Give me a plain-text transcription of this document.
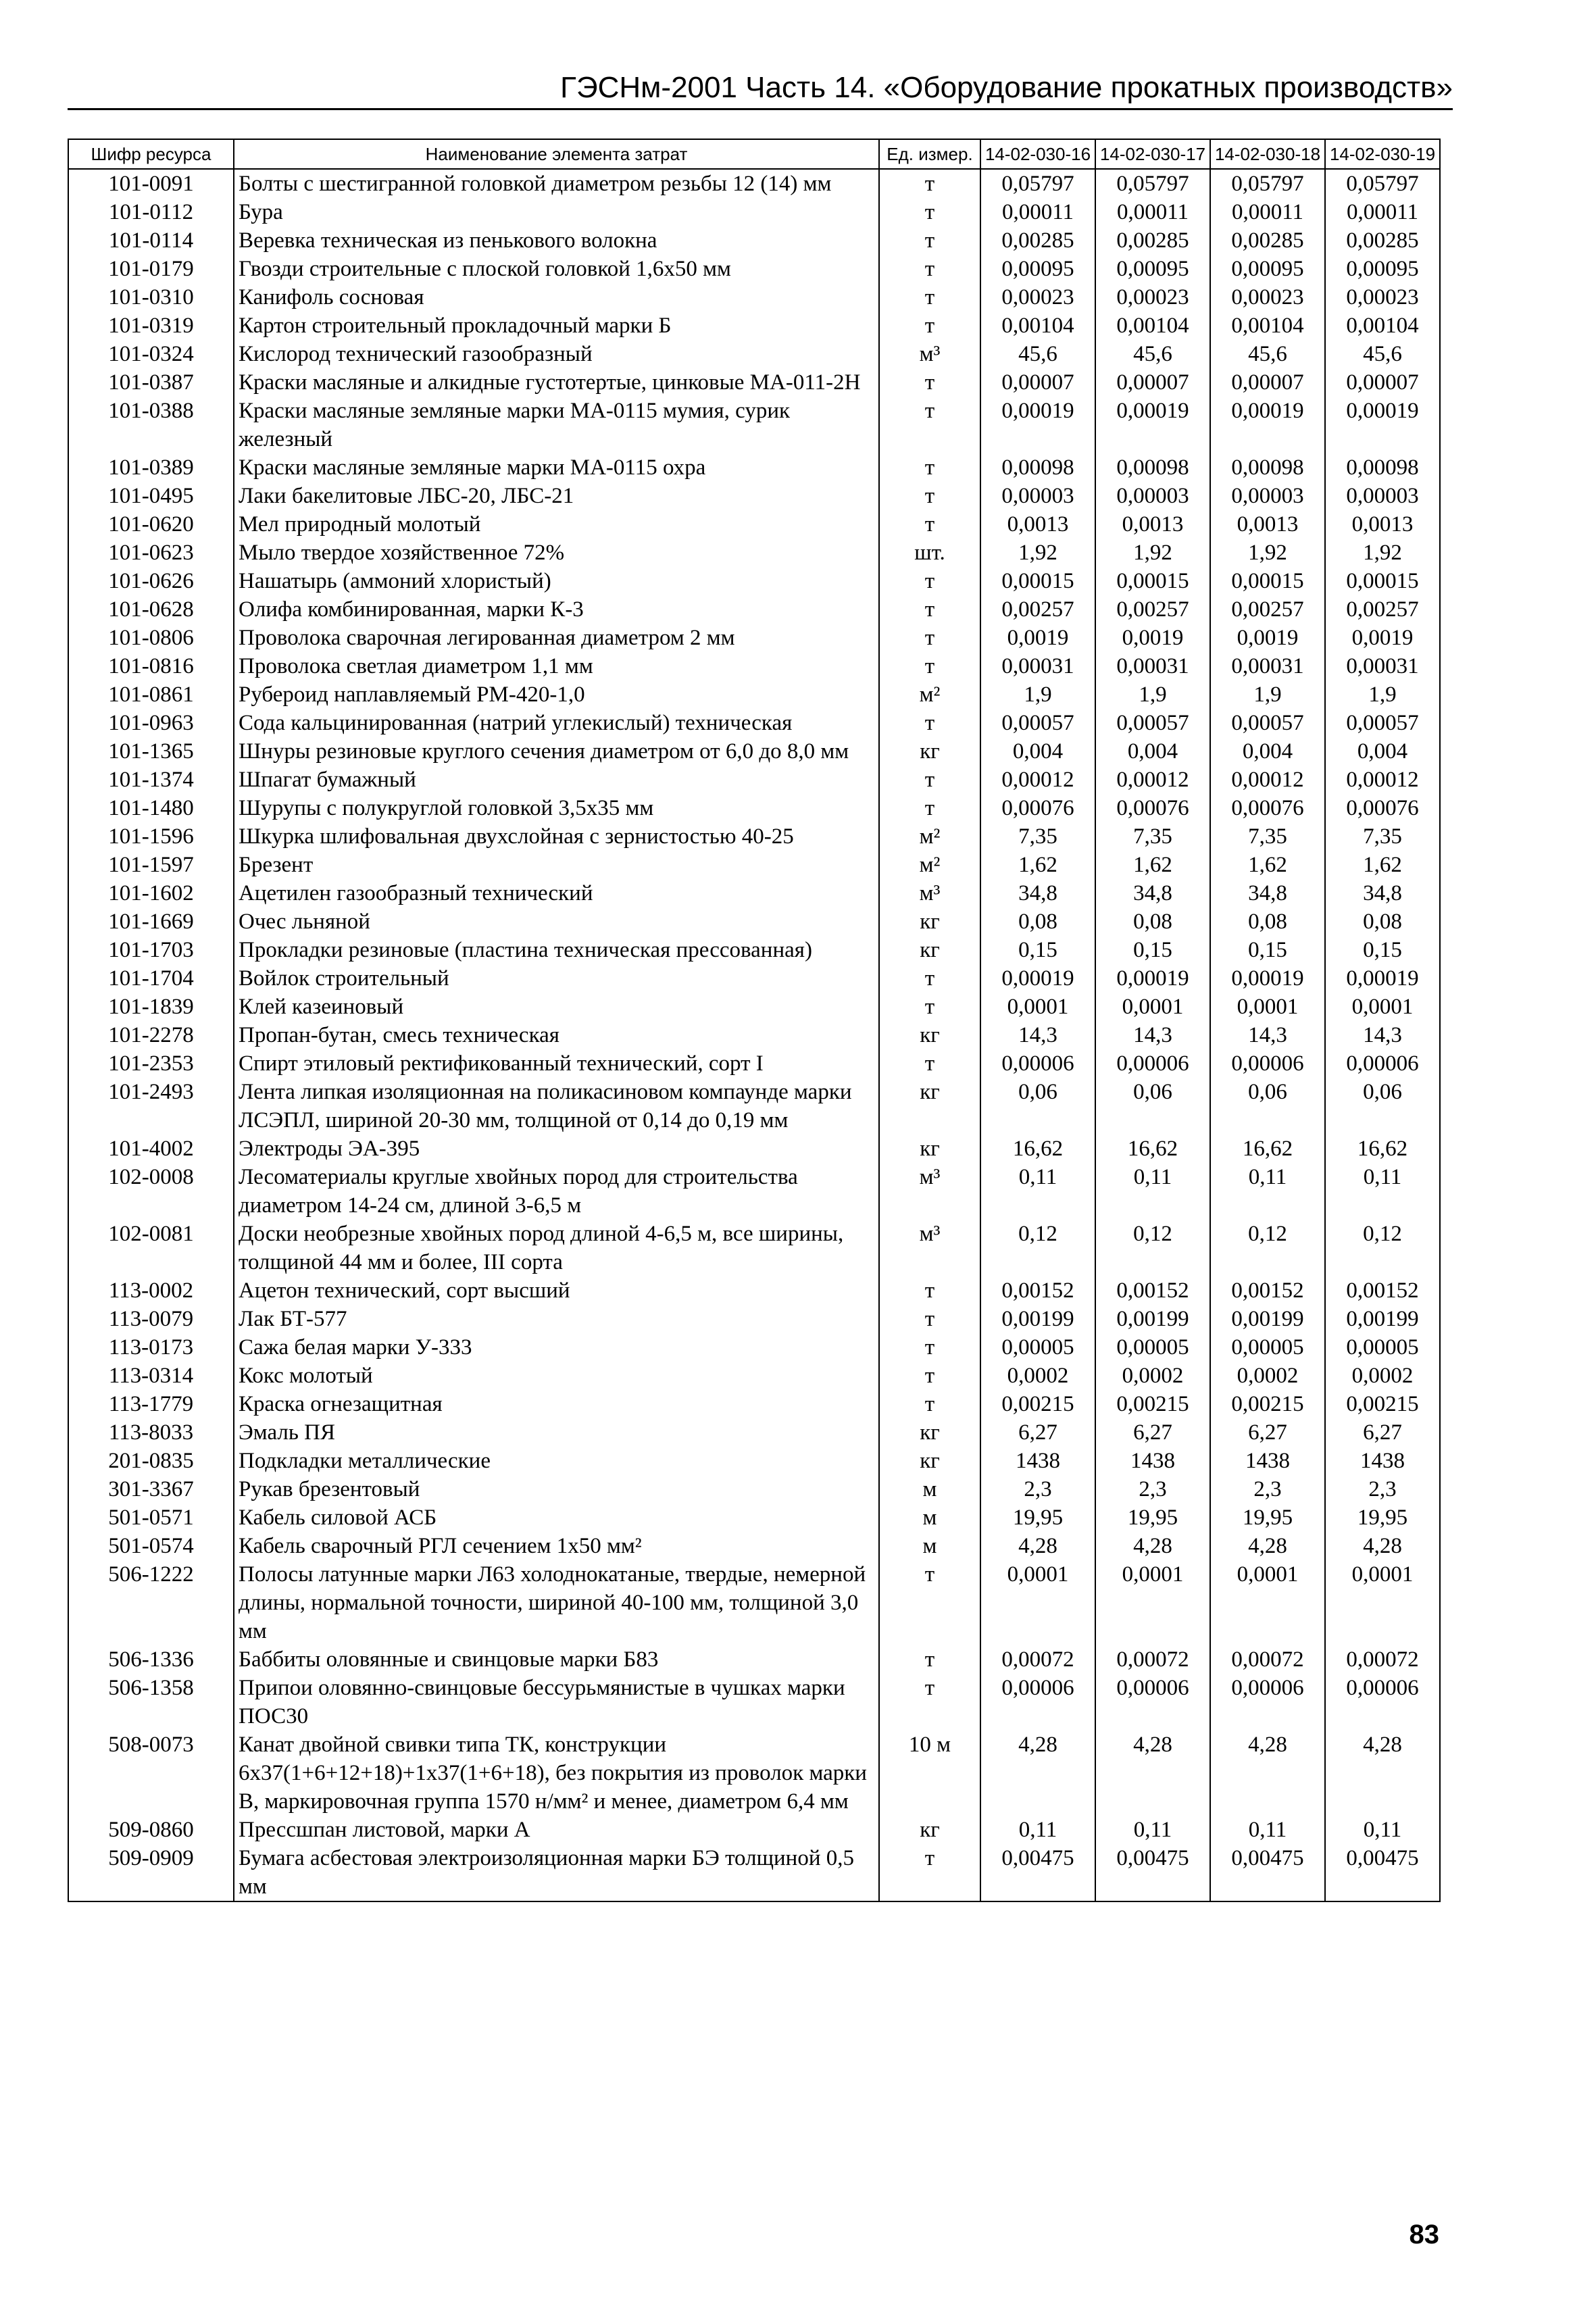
ГЭСНм-2001 Часть 14. «Оборудование прокатных производств»
Шифр ресурса	Наименование элемента затрат	Ед. измер.	14-02-030-16	14-02-030-17	14-02-030-18	14-02-030-19
101-0091	Болты с шестигранной головкой диаметром резьбы 12 (14) мм	т	0,05797	0,05797	0,05797	0,05797
101-0112	Бура	т	0,00011	0,00011	0,00011	0,00011
101-0114	Веревка техническая из пенькового волокна	т	0,00285	0,00285	0,00285	0,00285
101-0179	Гвозди строительные с плоской головкой 1,6x50 мм	т	0,00095	0,00095	0,00095	0,00095
101-0310	Канифоль сосновая	т	0,00023	0,00023	0,00023	0,00023
101-0319	Картон строительный прокладочный марки Б	т	0,00104	0,00104	0,00104	0,00104
101-0324	Кислород технический газообразный	м³	45,6	45,6	45,6	45,6
101-0387	Краски масляные и алкидные густотертые, цинковые МА-011-2Н	т	0,00007	0,00007	0,00007	0,00007
101-0388	Краски масляные земляные марки МА-0115 мумия, сурик железный	т	0,00019	0,00019	0,00019	0,00019
101-0389	Краски масляные земляные марки МА-0115 охра	т	0,00098	0,00098	0,00098	0,00098
101-0495	Лаки бакелитовые ЛБС-20, ЛБС-21	т	0,00003	0,00003	0,00003	0,00003
101-0620	Мел природный молотый	т	0,0013	0,0013	0,0013	0,0013
101-0623	Мыло твердое хозяйственное 72%	шт.	1,92	1,92	1,92	1,92
101-0626	Нашатырь (аммоний хлористый)	т	0,00015	0,00015	0,00015	0,00015
101-0628	Олифа комбинированная, марки К-3	т	0,00257	0,00257	0,00257	0,00257
101-0806	Проволока сварочная легированная диаметром 2 мм	т	0,0019	0,0019	0,0019	0,0019
101-0816	Проволока светлая диаметром 1,1 мм	т	0,00031	0,00031	0,00031	0,00031
101-0861	Рубероид наплавляемый РМ-420-1,0	м²	1,9	1,9	1,9	1,9
101-0963	Сода кальцинированная (натрий углекислый) техническая	т	0,00057	0,00057	0,00057	0,00057
101-1365	Шнуры резиновые круглого сечения диаметром от 6,0 до 8,0 мм	кг	0,004	0,004	0,004	0,004
101-1374	Шпагат бумажный	т	0,00012	0,00012	0,00012	0,00012
101-1480	Шурупы с полукруглой головкой 3,5x35 мм	т	0,00076	0,00076	0,00076	0,00076
101-1596	Шкурка шлифовальная двухслойная с зернистостью 40-25	м²	7,35	7,35	7,35	7,35
101-1597	Брезент	м²	1,62	1,62	1,62	1,62
101-1602	Ацетилен газообразный технический	м³	34,8	34,8	34,8	34,8
101-1669	Очес льняной	кг	0,08	0,08	0,08	0,08
101-1703	Прокладки резиновые (пластина техническая прессованная)	кг	0,15	0,15	0,15	0,15
101-1704	Войлок строительный	т	0,00019	0,00019	0,00019	0,00019
101-1839	Клей казеиновый	т	0,0001	0,0001	0,0001	0,0001
101-2278	Пропан-бутан, смесь техническая	кг	14,3	14,3	14,3	14,3
101-2353	Спирт этиловый ректификованный технический, сорт I	т	0,00006	0,00006	0,00006	0,00006
101-2493	Лента липкая изоляционная на поликасиновом компаунде марки ЛСЭПЛ, шириной 20-30 мм, толщиной от 0,14 до 0,19 мм	кг	0,06	0,06	0,06	0,06
101-4002	Электроды ЭА-395	кг	16,62	16,62	16,62	16,62
102-0008	Лесоматериалы круглые хвойных пород для строительства диаметром 14-24 см, длиной 3-6,5 м	м³	0,11	0,11	0,11	0,11
102-0081	Доски необрезные хвойных пород длиной 4-6,5 м, все ширины, толщиной 44 мм и более, III сорта	м³	0,12	0,12	0,12	0,12
113-0002	Ацетон технический, сорт высший	т	0,00152	0,00152	0,00152	0,00152
113-0079	Лак БТ-577	т	0,00199	0,00199	0,00199	0,00199
113-0173	Сажа белая марки У-333	т	0,00005	0,00005	0,00005	0,00005
113-0314	Кокс молотый	т	0,0002	0,0002	0,0002	0,0002
113-1779	Краска огнезащитная	т	0,00215	0,00215	0,00215	0,00215
113-8033	Эмаль ПЯ	кг	6,27	6,27	6,27	6,27
201-0835	Подкладки металлические	кг	1438	1438	1438	1438
301-3367	Рукав брезентовый	м	2,3	2,3	2,3	2,3
501-0571	Кабель силовой АСБ	м	19,95	19,95	19,95	19,95
501-0574	Кабель сварочный РГЛ сечением 1x50 мм²	м	4,28	4,28	4,28	4,28
506-1222	Полосы латунные марки Л63 холоднокатаные, твердые, немерной длины, нормальной точности, шириной 40-100 мм, толщиной 3,0 мм	т	0,0001	0,0001	0,0001	0,0001
506-1336	Баббиты оловянные и свинцовые марки Б83	т	0,00072	0,00072	0,00072	0,00072
506-1358	Припои оловянно-свинцовые бессурьмянистые в чушках марки ПОС30	т	0,00006	0,00006	0,00006	0,00006
508-0073	Канат двойной свивки типа ТК, конструкции 6x37(1+6+12+18)+1x37(1+6+18), без покрытия из проволок марки В, маркировочная группа 1570 н/мм² и менее, диаметром 6,4 мм	10 м	4,28	4,28	4,28	4,28
509-0860	Прессшпан листовой, марки А	кг	0,11	0,11	0,11	0,11
509-0909	Бумага асбестовая электроизоляционная марки БЭ толщиной 0,5 мм	т	0,00475	0,00475	0,00475	0,00475
83
